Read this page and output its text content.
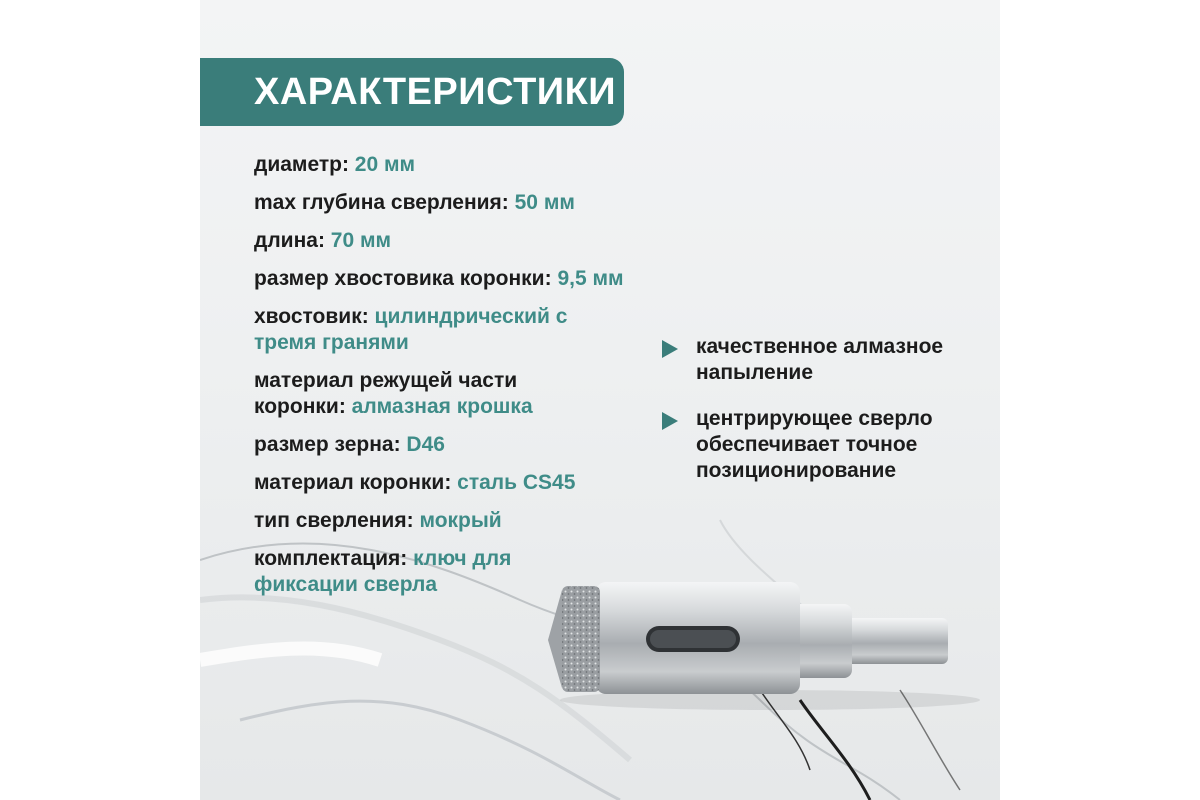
ХАРАКТЕРИСТИКИ
диаметр: 20 мм
max глубина сверления: 50 мм
длина: 70 мм
размер хвостовика коронки: 9,5 мм
хвостовик: цилиндрический с тремя гранями
материал режущей части коронки: алмазная крошка
размер зерна: D46
материал коронки: сталь CS45
тип сверления: мокрый
комплектация: ключ для фиксации сверла
качественное алмазное напыление
центрирующее сверло обеспечивает точное позиционирование
